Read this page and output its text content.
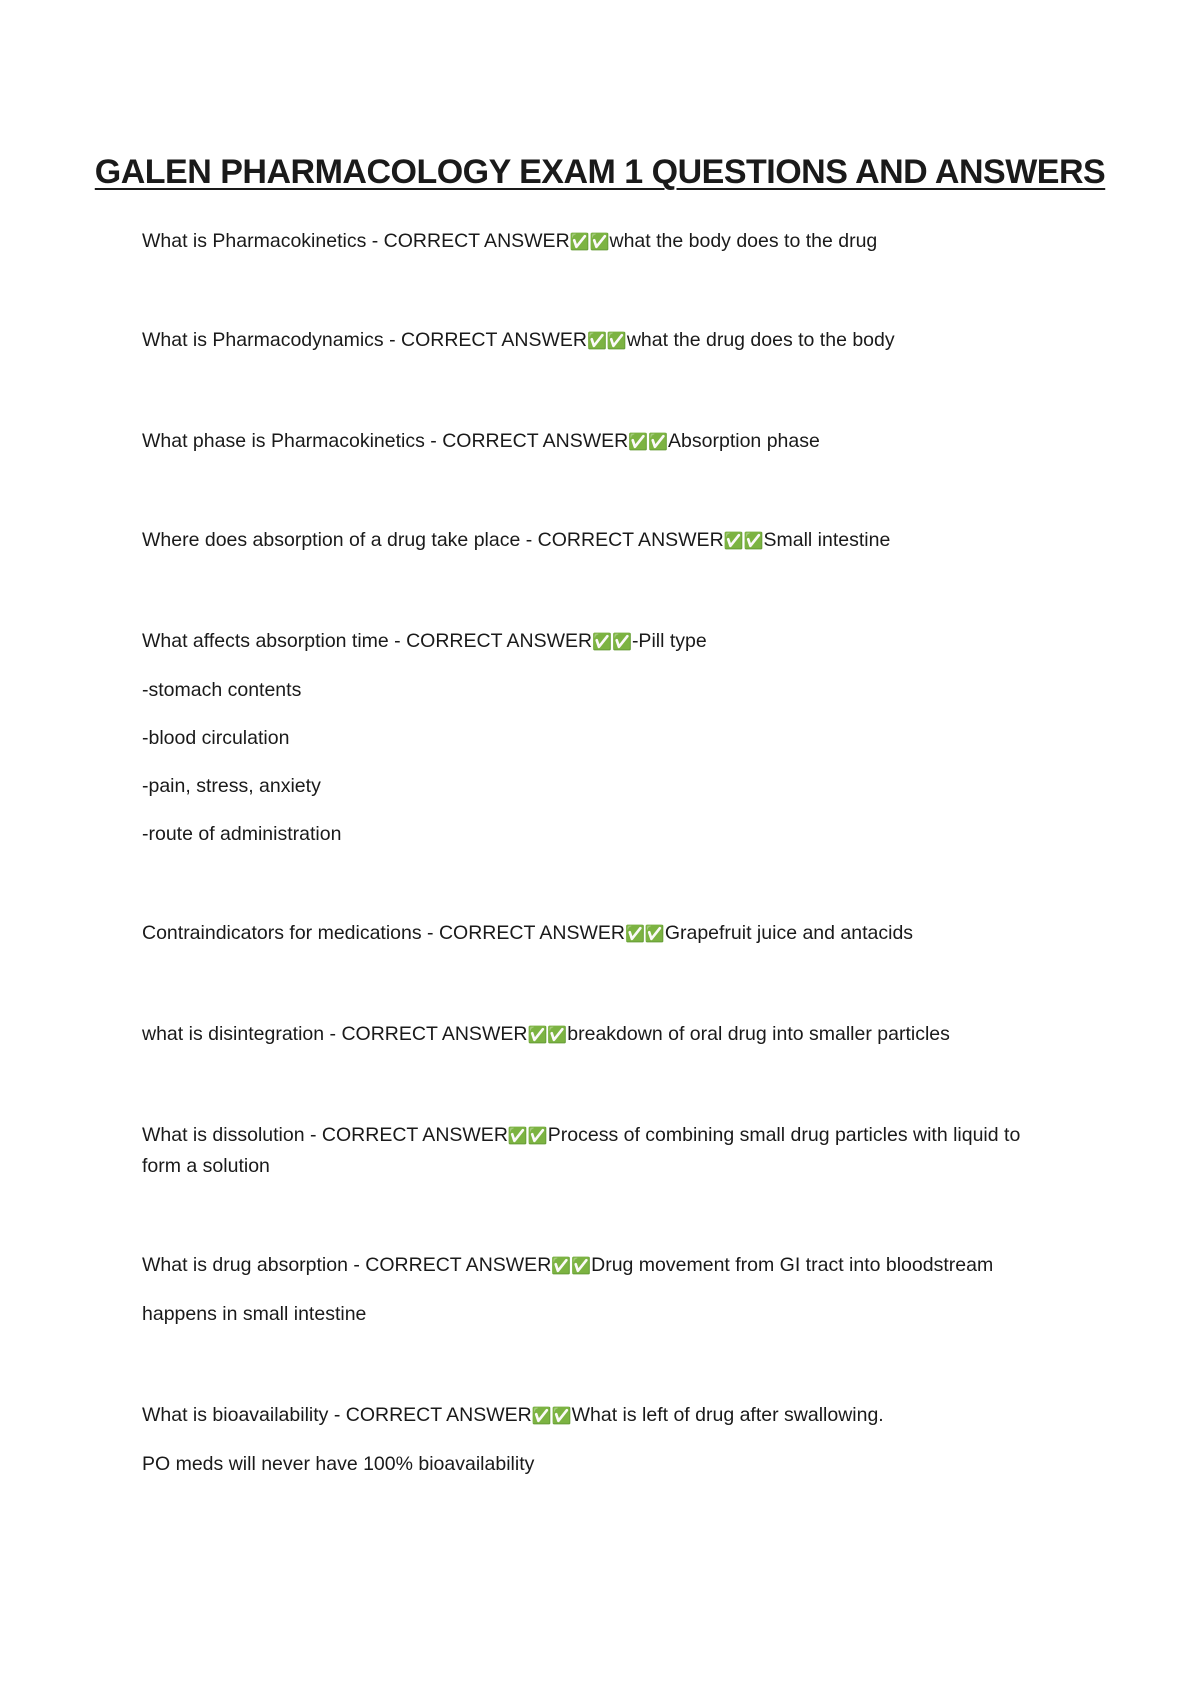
GALEN PHARMACOLOGY EXAM 1 QUESTIONS AND ANSWERS
What is Pharmacokinetics - CORRECT ANSWER✅✅what the body does to the drug
What is Pharmacodynamics - CORRECT ANSWER✅✅what the drug does to the body
What phase is Pharmacokinetics - CORRECT ANSWER✅✅Absorption phase
Where does absorption of a drug take place - CORRECT ANSWER✅✅Small intestine
What affects absorption time - CORRECT ANSWER✅✅-Pill type
-stomach contents
-blood circulation
-pain, stress, anxiety
-route of administration
Contraindicators for medications - CORRECT ANSWER✅✅Grapefruit juice and antacids
what is disintegration - CORRECT ANSWER✅✅breakdown of oral drug into smaller particles
What is dissolution - CORRECT ANSWER✅✅Process of combining small drug particles with liquid to form a solution
What is drug absorption - CORRECT ANSWER✅✅Drug movement from GI tract into bloodstream
happens in small intestine
What is bioavailability - CORRECT ANSWER✅✅What is left of drug after swallowing.
PO meds will never have 100% bioavailability
